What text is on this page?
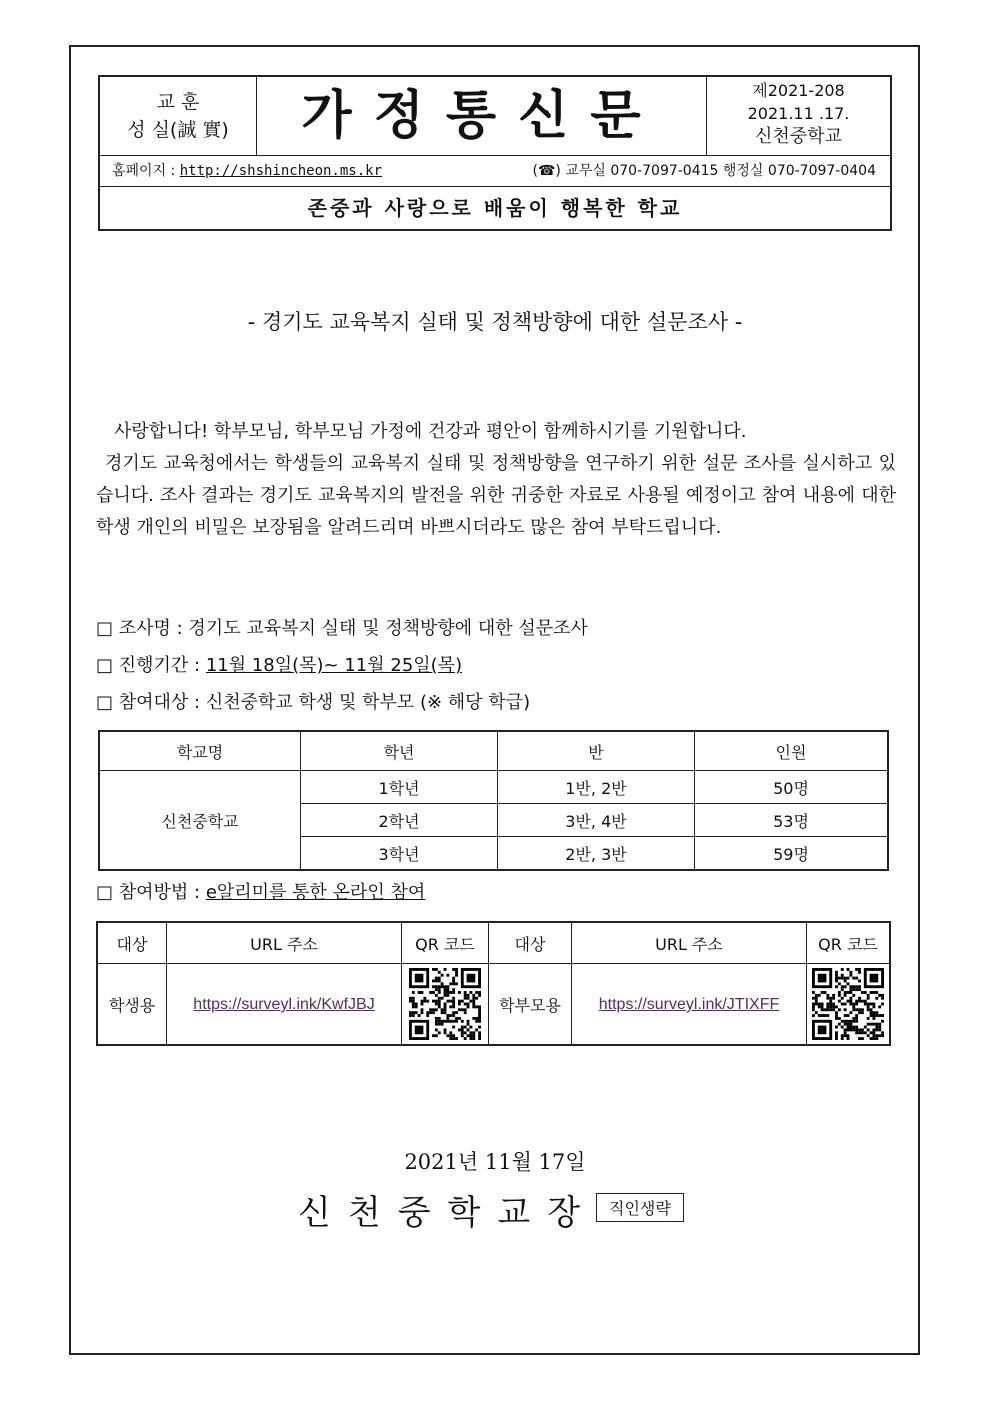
교 훈
성 실(誠 實)	가정통신문	제2021-208
2021.11 .17.
신천중학교
홈페이지 : http://shshincheon.ms.kr	(☎) 교무실 070-7097-0415 행정실 070-7097-0404
존중과 사랑으로 배움이 행복한 학교
- 경기도 교육복지 실태 및 정책방향에 대한 설문조사 -

사랑합니다! 학부모님, 학부모님 가정에 건강과 평안이 함께하시기를 기원합니다.

경기도 교육청에서는 학생들의 교육복지 실태 및 정책방향을 연구하기 위한 설문 조사를 실시하고 있습니다. 조사 결과는 경기도 교육복지의 발전을 위한 귀중한 자료로 사용될 예정이고 참여 내용에 대한 학생 개인의 비밀은 보장됨을 알려드리며 바쁘시더라도 많은 참여 부탁드립니다.

□ 조사명 : 경기도 교육복지 실태 및 정책방향에 대한 설문조사
□ 진행기간 : 11월 18일(목)~ 11월 25일(목)
□ 참여대상 : 신천중학교 학생 및 학부모 (※ 해당 학급)
학교명	학년	반	인원
신천중학교	1학년	1반, 2반	50명
	2학년	3반, 4반	53명
	3학년	2반, 3반	59명
□ 참여방법 : e알리미를 통한 온라인 참여
대상	URL 주소	QR 코드	대상	URL 주소	QR 코드
학생용	https://surveyl.ink/KwfJBJ		학부모용	https://surveyl.ink/JTIXFF	
2021년 11월 17일
신천중학교장 직인생략
